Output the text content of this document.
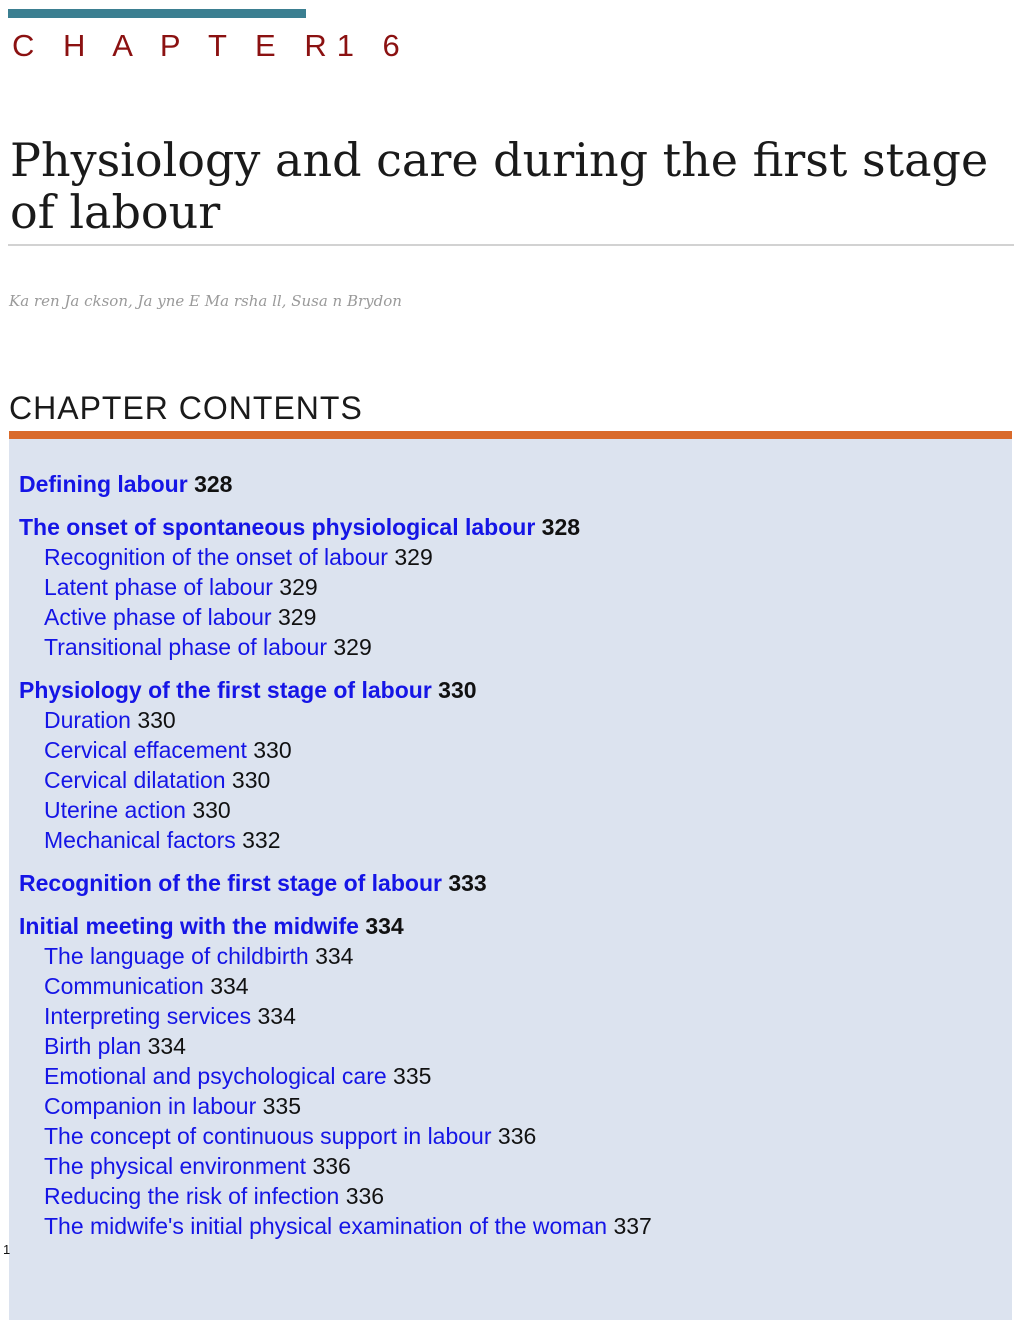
C H A P T E R1 6
Physiology and care during the first stage of labour
Ka ren Ja ckson, Ja yne E Ma rsha ll, Susa n Brydon
CHAPTER CONTENTS
Defining labour 328
The onset of spontaneous physiological labour 328
Recognition of the onset of labour 329
Latent phase of labour 329
Active phase of labour 329
Transitional phase of labour 329
Physiology of the first stage of labour 330
Duration 330
Cervical effacement 330
Cervical dilatation 330
Uterine action 330
Mechanical factors 332
Recognition of the first stage of labour 333
Initial meeting with the midwife 334
The language of childbirth 334
Communication 334
Interpreting services 334
Birth plan 334
Emotional and psychological care 335
Companion in labour 335
The concept of continuous support in labour 336
The physical environment 336
Reducing the risk of infection 336
The midwife's initial physical examination of the woman 337
1
